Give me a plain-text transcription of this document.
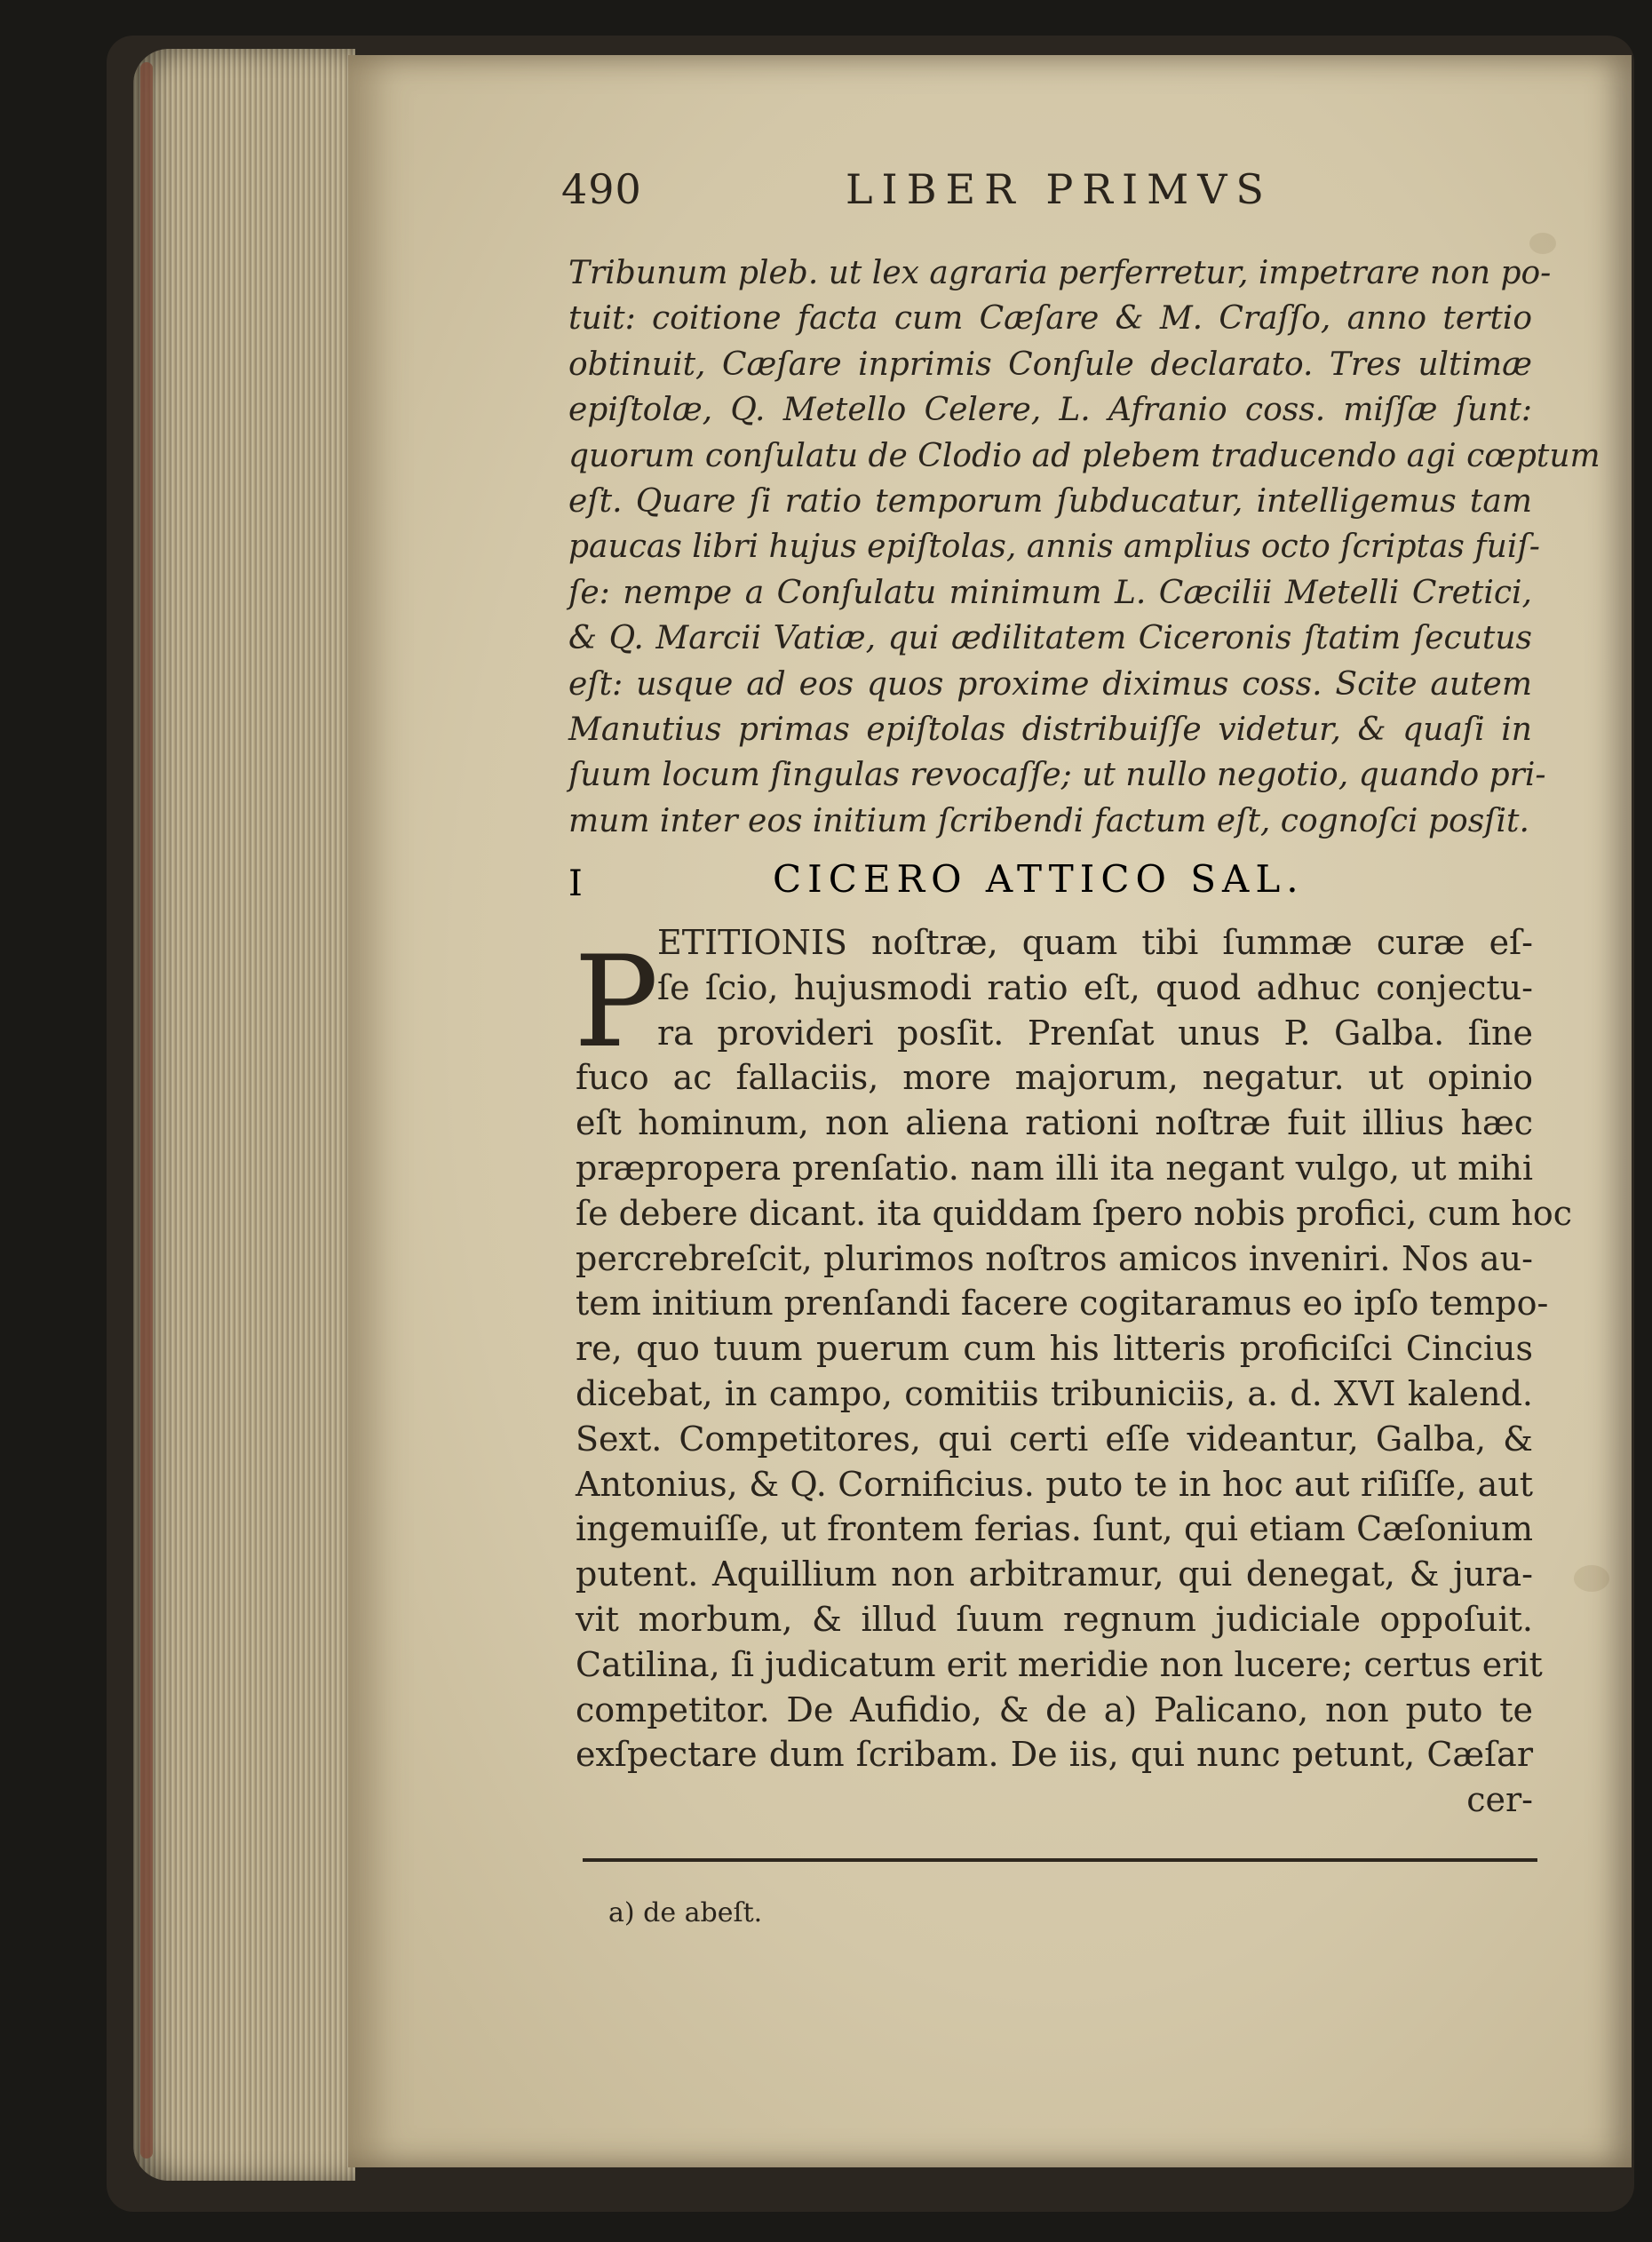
490	LIBER PRIMVS
Tribunum pleb. ut lex agraria perferretur, impetrare non po-
tuit: coitione facta cum Cæſare & M. Craſſo, anno tertio
obtinuit, Cæſare inprimis Conſule declarato. Tres ultimæ
epiſtolæ, Q. Metello Celere, L. Afranio coss. miſſæ ſunt:
quorum conſulatu de Clodio ad plebem traducendo agi cœptum
eſt. Quare ſi ratio temporum ſubducatur, intelligemus tam
paucas libri hujus epiſtolas, annis amplius octo ſcriptas fuiſ-
ſe: nempe a Conſulatu minimum L. Cæcilii Metelli Cretici,
& Q. Marcii Vatiæ, qui ædilitatem Ciceronis ſtatim ſecutus
eſt: usque ad eos quos proxime diximus coss. Scite autem
Manutius primas epiſtolas distribuiſſe videtur, & quaſi in
ſuum locum ſingulas revocaſſe; ut nullo negotio, quando pri-
mum inter eos initium ſcribendi factum eſt, cognoſci posſit.
I	CICERO ATTICO SAL.
P
ETITIONIS noſtræ, quam tibi ſummæ curæ eſ-
ſe ſcio, hujusmodi ratio eſt, quod adhuc conjectu-
ra provideri posſit. Prenſat unus P. Galba. ſine
fuco ac fallaciis, more majorum, negatur. ut opinio
eſt hominum, non aliena rationi noſtræ fuit illius hæc
præpropera prenſatio. nam illi ita negant vulgo, ut mihi
ſe debere dicant. ita quiddam ſpero nobis profici, cum hoc
percrebreſcit, plurimos noſtros amicos inveniri. Nos au-
tem initium prenſandi facere cogitaramus eo ipſo tempo-
re, quo tuum puerum cum his litteris proficiſci Cincius
dicebat, in campo, comitiis tribuniciis, a. d. XVI kalend.
Sext. Competitores, qui certi eſſe videantur, Galba, &
Antonius, & Q. Cornificius. puto te in hoc aut riſiſſe, aut
ingemuiſſe, ut frontem ferias. ſunt, qui etiam Cæſonium
putent. Aquillium non arbitramur, qui denegat, & jura-
vit morbum, & illud ſuum regnum judiciale oppoſuit.
Catilina, ſi judicatum erit meridie non lucere; certus erit
competitor. De Aufidio, & de a) Palicano, non puto te
exſpectare dum ſcribam. De iis, qui nunc petunt, Cæſar
cer-
a) de abeſt.
